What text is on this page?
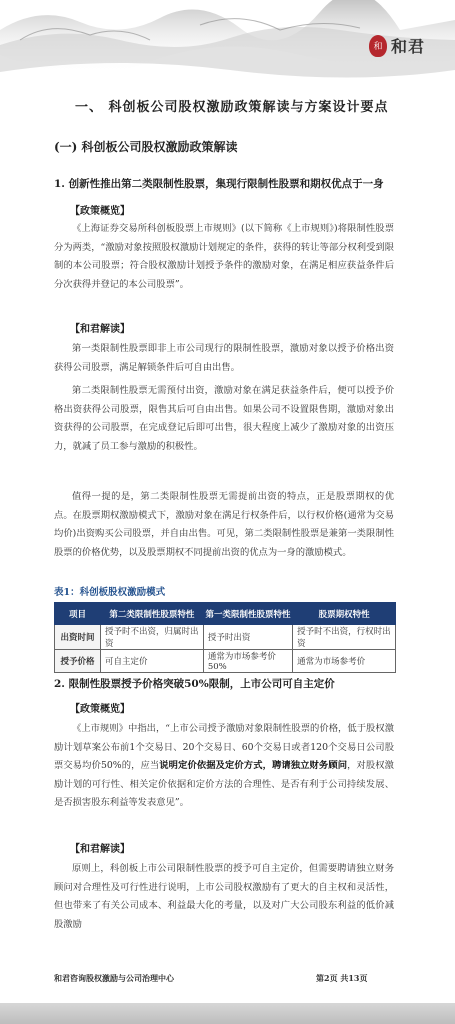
和 和君
一、 科创板公司股权激励政策解读与方案设计要点
(一) 科创板公司股权激励政策解读
1. 创新性推出第二类限制性股票，集现行限制性股票和期权优点于一身
【政策概览】
《上海证券交易所科创板股票上市规则》(以下简称《上市规则》)将限制性股票分为两类，“激励对象按照股权激励计划规定的条件，获得的转让等部分权利受到限制的本公司股票；符合股权激励计划授予条件的激励对象，在满足相应获益条件后分次获得并登记的本公司股票”。
【和君解读】
第一类限制性股票即非上市公司现行的限制性股票，激励对象以授予价格出资获得公司股票，满足解锁条件后可自由出售。
第二类限制性股票无需预付出资，激励对象在满足获益条件后，便可以授予价格出资获得公司股票，限售其后可自由出售。如果公司不设置限售期，激励对象出资获得的公司股票，在完成登记后即可出售，很大程度上减少了激励对象的出资压力，就减了员工参与激励的积极性。
值得一提的是，第二类限制性股票无需提前出资的特点，正是股票期权的优点。在股票期权激励模式下，激励对象在满足行权条件后，以行权价格(通常为交易均价)出资购买公司股票，并自由出售。可见，第二类限制性股票是兼第一类限制性股票的价格优势，以及股票期权不同提前出资的优点为一身的激励模式。
表1：科创板股权激励模式
项目	第二类限制性股票特性	第一类限制性股票特性	股票期权特性
出资时间	授予时不出资，归属时出资	授予时出资	授予时不出资，行权时出资
授予价格	可自主定价	通常为市场参考价50%	通常为市场参考价
2. 限制性股票授予价格突破50%限制，上市公司可自主定价
【政策概览】
《上市规则》中指出，“上市公司授予激励对象限制性股票的价格，低于股权激励计划草案公布前1个交易日、20个交易日、60个交易日或者120个交易日公司股票交易均价50%的，应当说明定价依据及定价方式，聘请独立财务顾问，对股权激励计划的可行性、相关定价依据和定价方法的合理性、是否有利于公司持续发展、是否损害股东利益等发表意见”。
【和君解读】
原则上，科创板上市公司限制性股票的授予可自主定价，但需要聘请独立财务顾问对合理性及可行性进行说明，上市公司股权激励有了更大的自主权和灵活性，但也带来了有关公司成本、利益最大化的考量，以及对广大公司股东利益的低价减股激励
和君咨询股权激励与公司治理中心	第2页 共13页
